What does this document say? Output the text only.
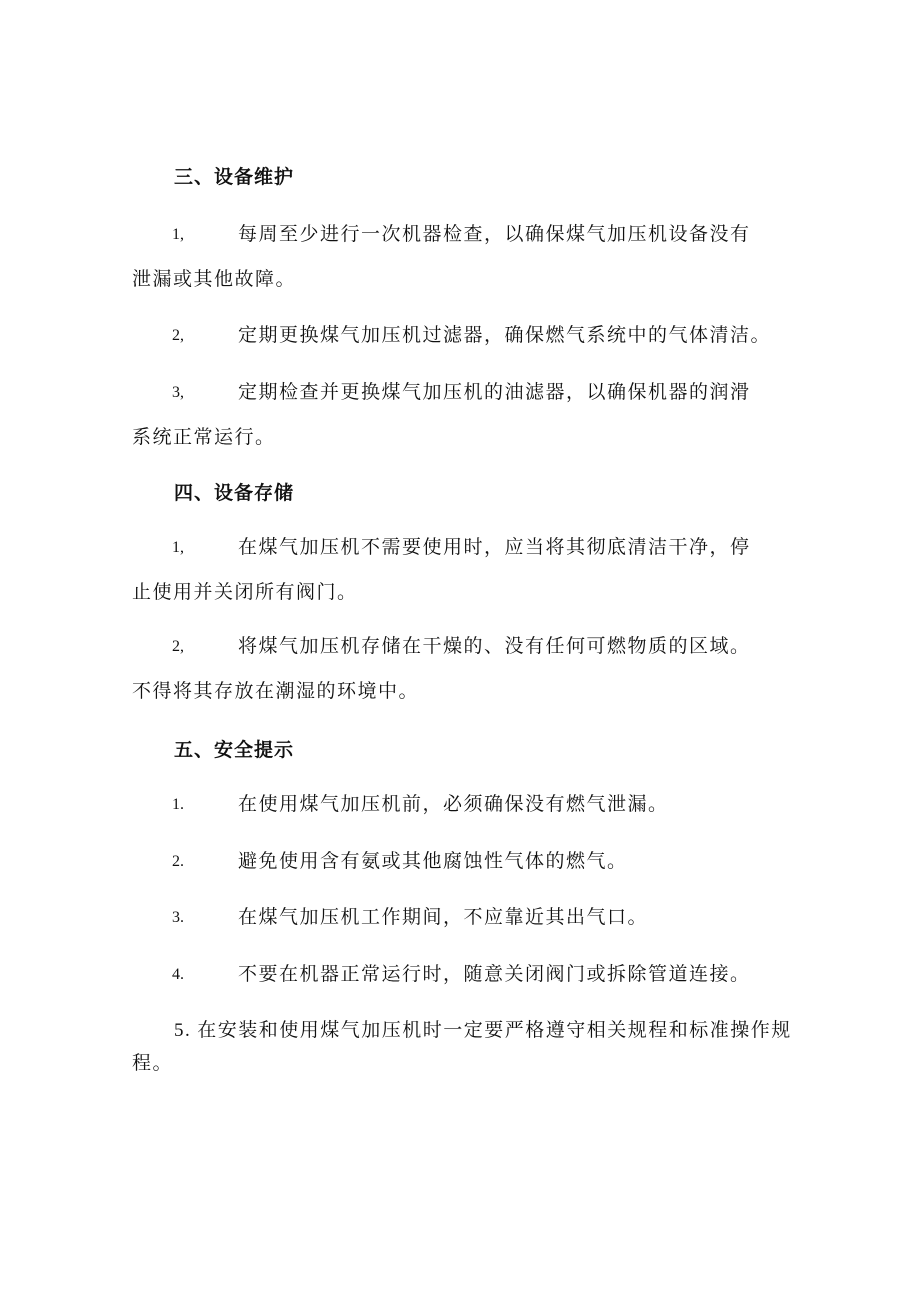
三、设备维护
1,	每周至少进行一次机器检查，以确保煤气加压机设备没有
泄漏或其他故障。
2,	定期更换煤气加压机过滤器，确保燃气系统中的气体清洁。
3,	定期检查并更换煤气加压机的油滤器，以确保机器的润滑
系统正常运行。
四、设备存储
1,	在煤气加压机不需要使用时，应当将其彻底清洁干净，停
止使用并关闭所有阀门。
2,	将煤气加压机存储在干燥的、没有任何可燃物质的区域。
不得将其存放在潮湿的环境中。
五、安全提示
1.	在使用煤气加压机前，必须确保没有燃气泄漏。
2.	避免使用含有氨或其他腐蚀性气体的燃气。
3.	在煤气加压机工作期间，不应靠近其出气口。
4.	不要在机器正常运行时，随意关闭阀门或拆除管道连接。
5. 在安装和使用煤气加压机时一定要严格遵守相关规程和标准操作规
程。
